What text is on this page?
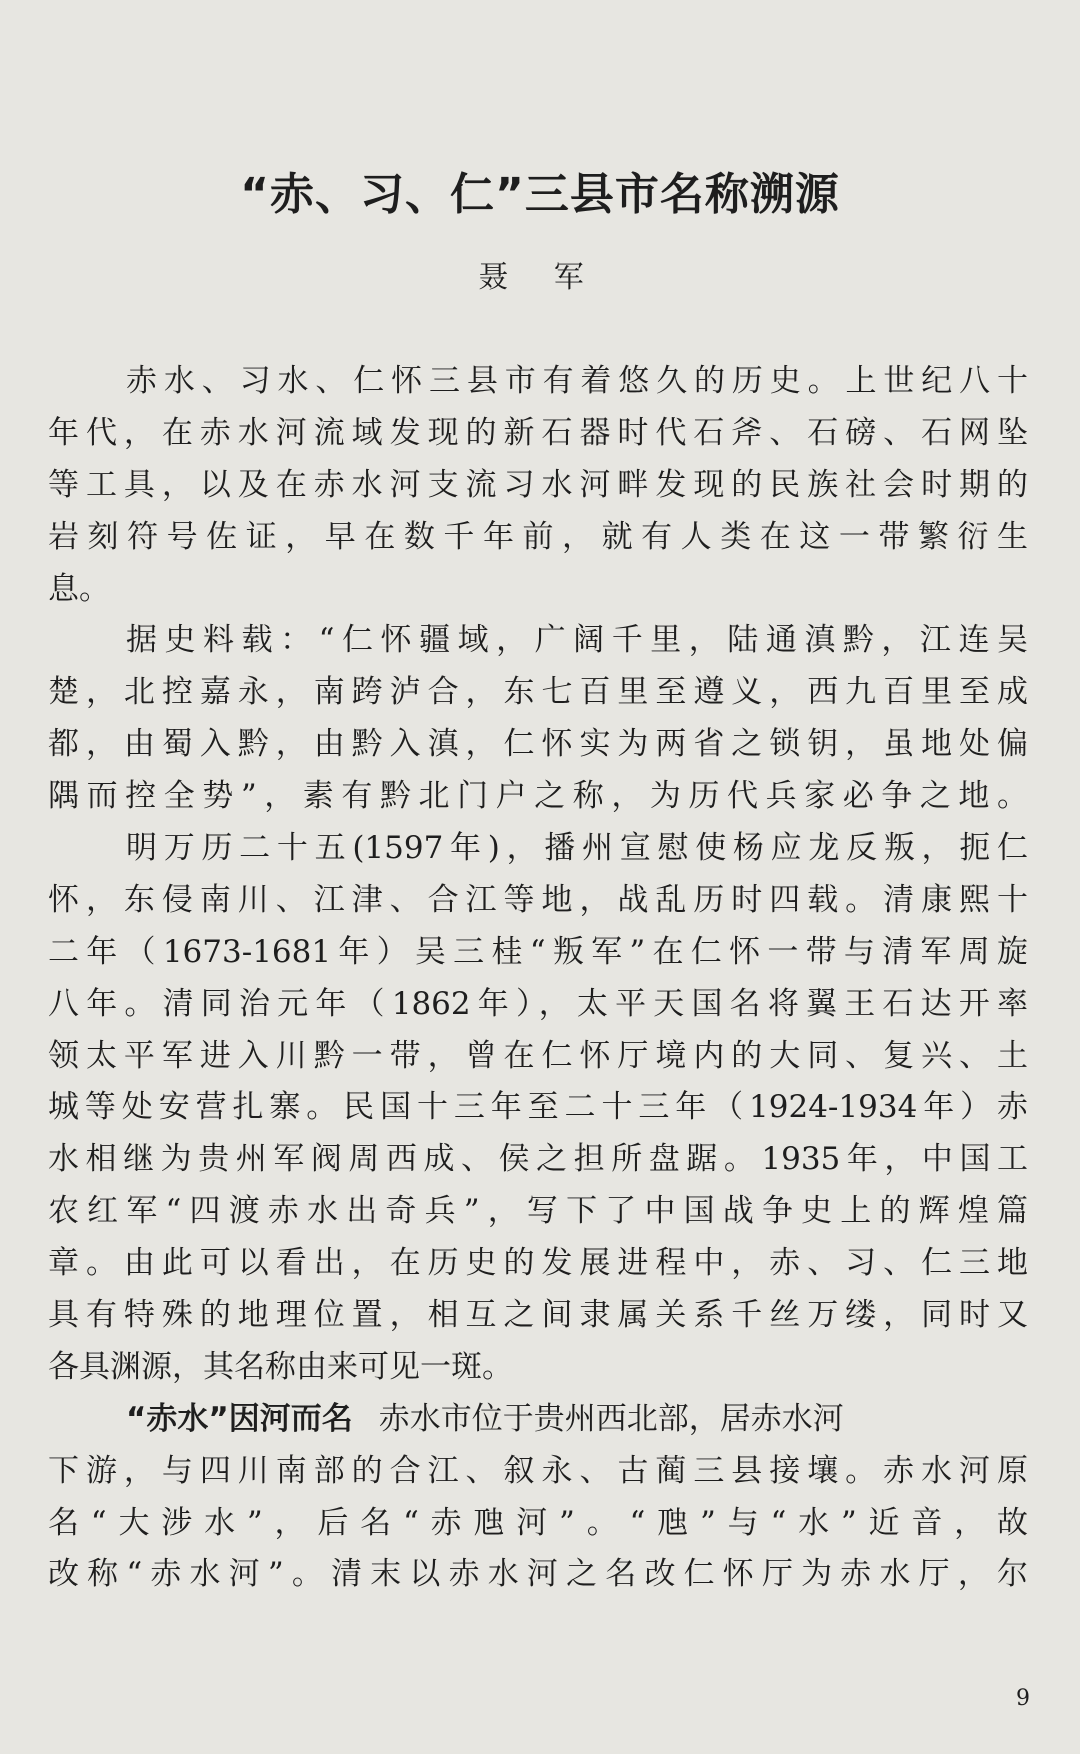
“赤、习、仁”三县市名称溯源
聂 军
赤水、习水、仁怀三县市有着悠久的历史。上世纪八十
年代，在赤水河流域发现的新石器时代石斧、石磅、石网坠
等工具，以及在赤水河支流习水河畔发现的民族社会时期的
岩刻符号佐证，早在数千年前，就有人类在这一带繁衍生
息。
据史料载：“仁怀疆域，广阔千里，陆通滇黔，江连吴
楚，北控嘉永，南跨泸合，东七百里至遵义，西九百里至成
都，由蜀入黔，由黔入滇，仁怀实为两省之锁钥，虽地处偏
隅而控全势”，素有黔北门户之称，为历代兵家必争之地。
明万历二十五(1597年)，播州宣慰使杨应龙反叛，扼仁
怀，东侵南川、江津、合江等地，战乱历时四载。清康熙十
二年（1673-1681年）吴三桂“叛军”在仁怀一带与清军周旋
八年。清同治元年（1862年），太平天国名将翼王石达开率
领太平军进入川黔一带，曾在仁怀厅境内的大同、复兴、土
城等处安营扎寨。民国十三年至二十三年（1924-1934年）赤
水相继为贵州军阀周西成、侯之担所盘踞。1935年，中国工
农红军“四渡赤水出奇兵”，写下了中国战争史上的辉煌篇
章。由此可以看出，在历史的发展进程中，赤、习、仁三地
具有特殊的地理位置，相互之间隶属关系千丝万缕，同时又
各具渊源，其名称由来可见一斑。
“赤水”因河而名 赤水市位于贵州西北部，居赤水河
下游，与四川南部的合江、叙永、古蔺三县接壤。赤水河原
名“大涉水”，后名“赤虺河”。“虺”与“水”近音，故
改称“赤水河”。清末以赤水河之名改仁怀厅为赤水厅，尔
9
